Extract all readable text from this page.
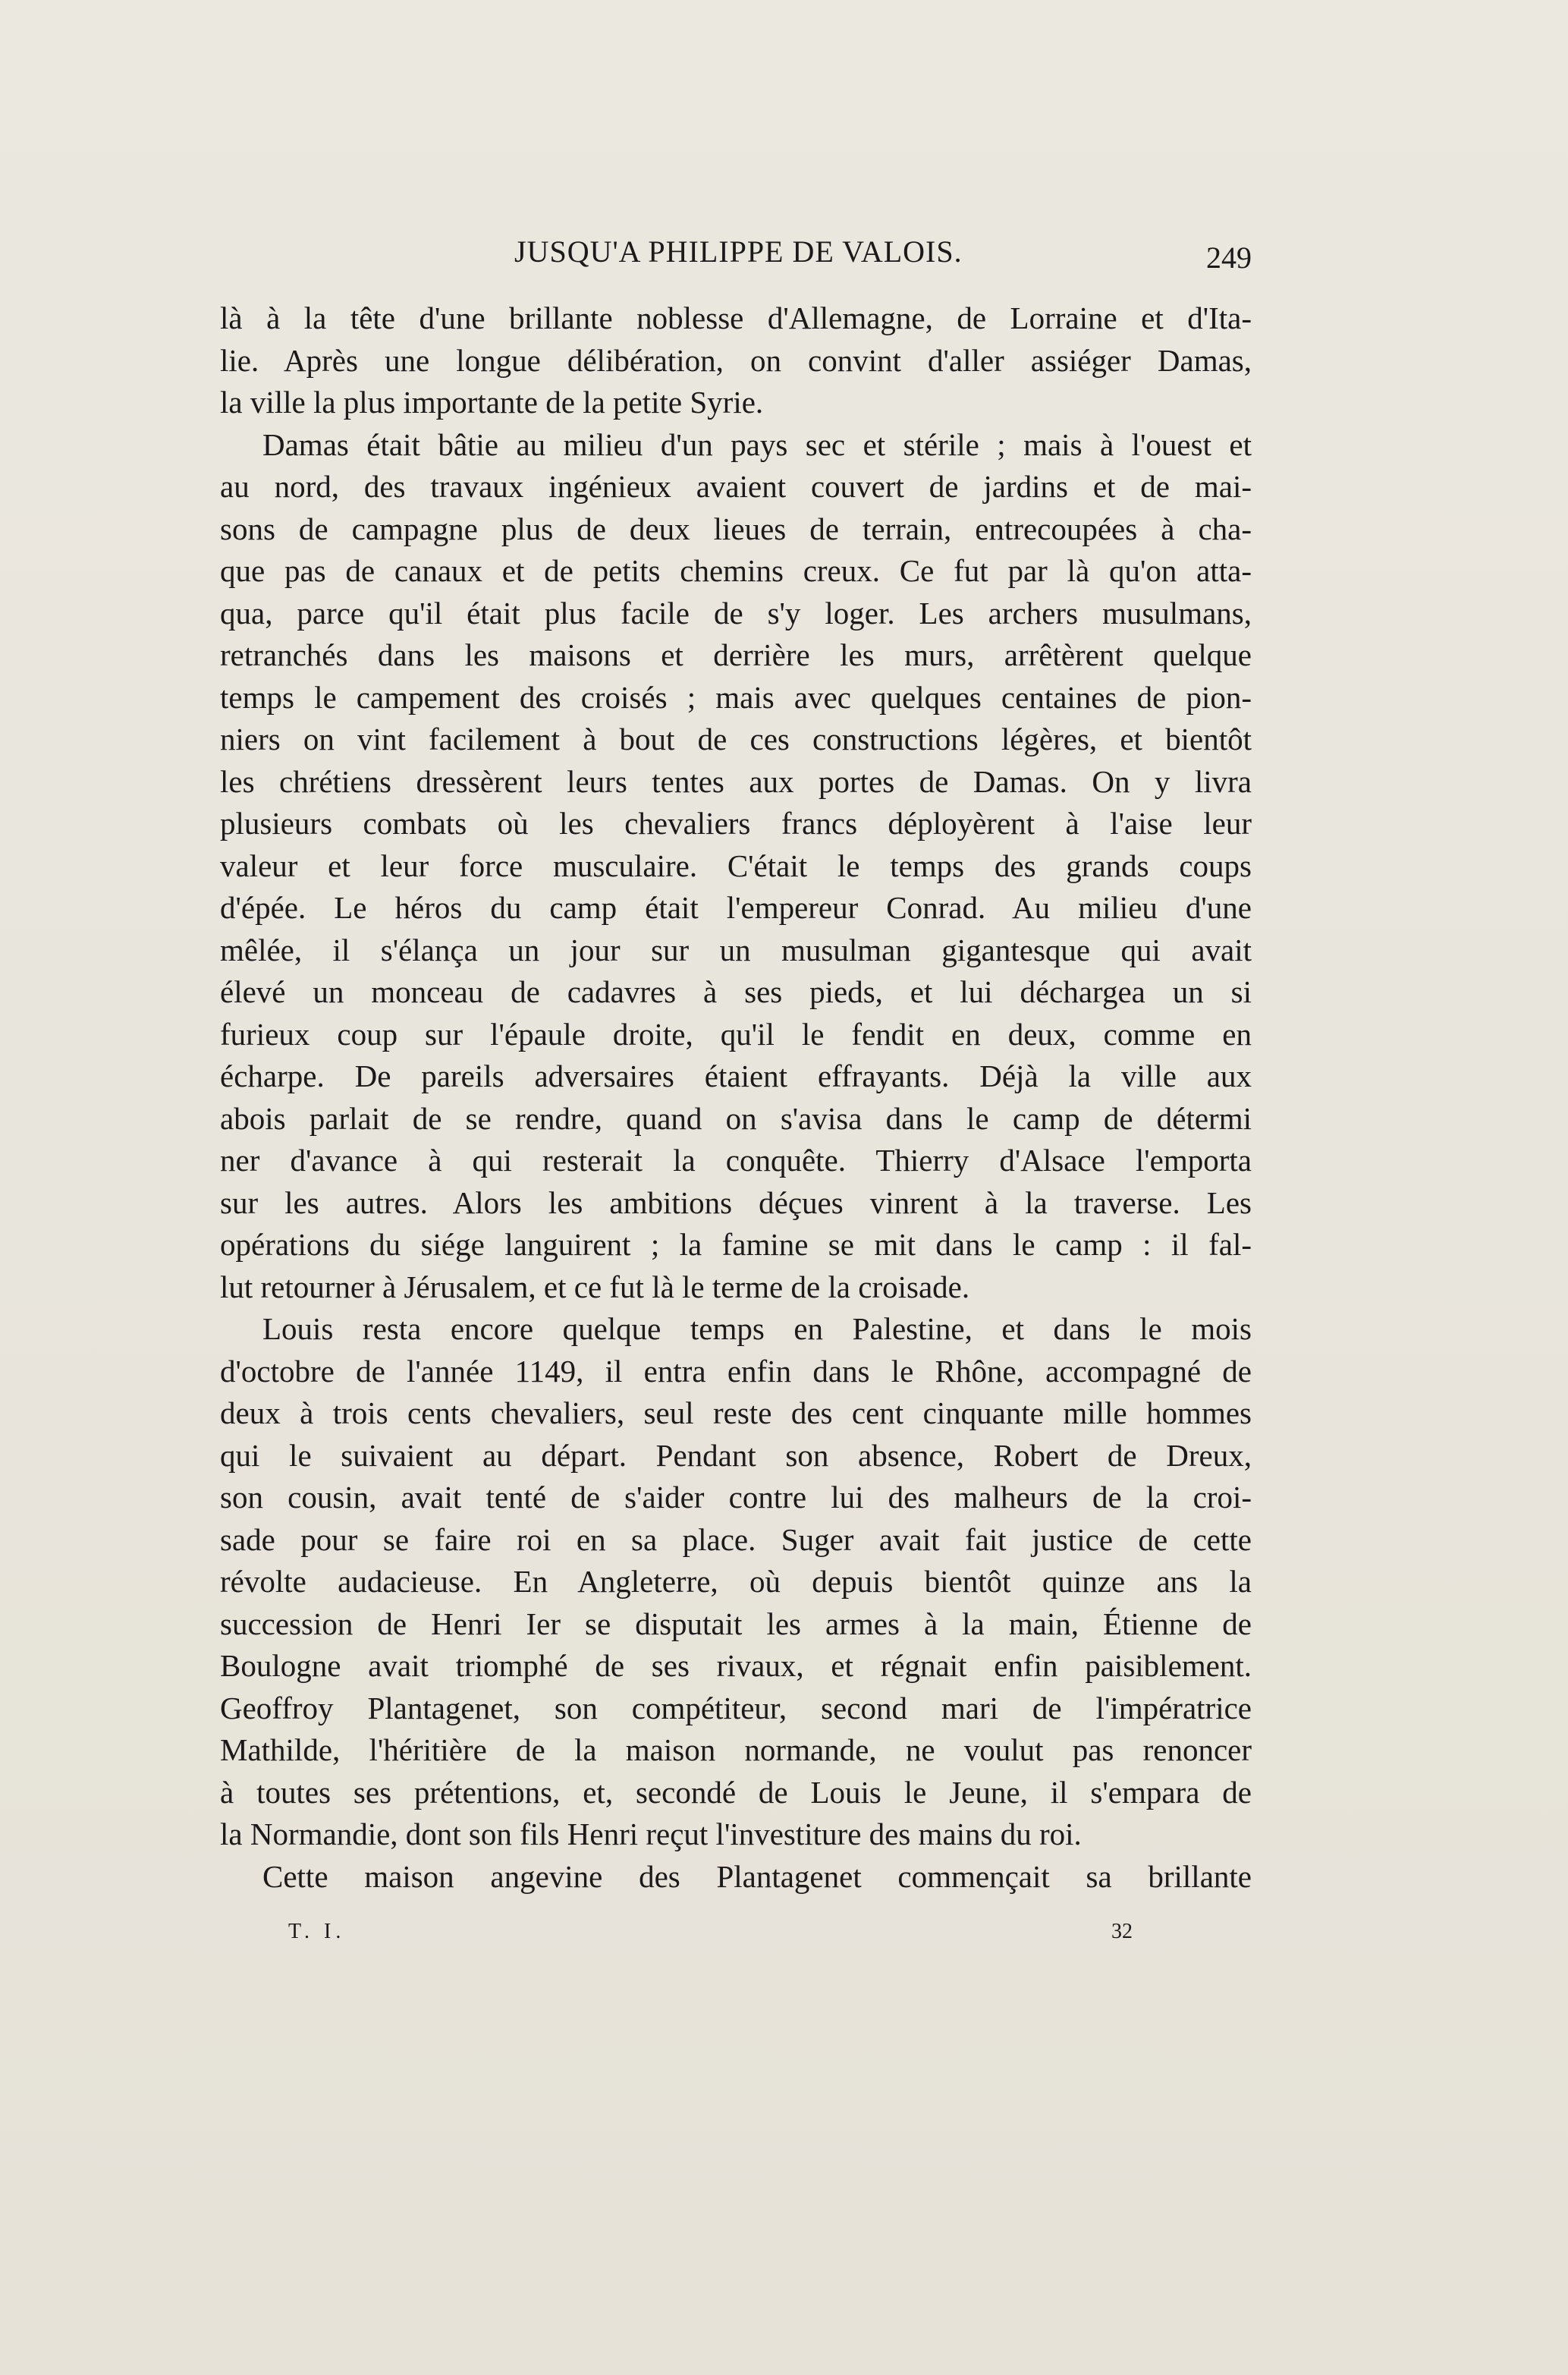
JUSQU'A PHILIPPE DE VALOIS.	249
là à la tête d'une brillante noblesse d'Allemagne, de Lorraine et d'Ita-
lie. Après une longue délibération, on convint d'aller assiéger Damas,
la ville la plus importante de la petite Syrie.
Damas était bâtie au milieu d'un pays sec et stérile ; mais à l'ouest et
au nord, des travaux ingénieux avaient couvert de jardins et de mai-
sons de campagne plus de deux lieues de terrain, entrecoupées à cha-
que pas de canaux et de petits chemins creux. Ce fut par là qu'on atta-
qua, parce qu'il était plus facile de s'y loger. Les archers musulmans,
retranchés dans les maisons et derrière les murs, arrêtèrent quelque
temps le campement des croisés ; mais avec quelques centaines de pion-
niers on vint facilement à bout de ces constructions légères, et bientôt
les chrétiens dressèrent leurs tentes aux portes de Damas. On y livra
plusieurs combats où les chevaliers francs déployèrent à l'aise leur
valeur et leur force musculaire. C'était le temps des grands coups
d'épée. Le héros du camp était l'empereur Conrad. Au milieu d'une
mêlée, il s'élança un jour sur un musulman gigantesque qui avait
élevé un monceau de cadavres à ses pieds, et lui déchargea un si
furieux coup sur l'épaule droite, qu'il le fendit en deux, comme en
écharpe. De pareils adversaires étaient effrayants. Déjà la ville aux
abois parlait de se rendre, quand on s'avisa dans le camp de détermi
ner d'avance à qui resterait la conquête. Thierry d'Alsace l'emporta
sur les autres. Alors les ambitions déçues vinrent à la traverse. Les
opérations du siége languirent ; la famine se mit dans le camp : il fal-
lut retourner à Jérusalem, et ce fut là le terme de la croisade.
Louis resta encore quelque temps en Palestine, et dans le mois
d'octobre de l'année 1149, il entra enfin dans le Rhône, accompagné de
deux à trois cents chevaliers, seul reste des cent cinquante mille hommes
qui le suivaient au départ. Pendant son absence, Robert de Dreux,
son cousin, avait tenté de s'aider contre lui des malheurs de la croi-
sade pour se faire roi en sa place. Suger avait fait justice de cette
révolte audacieuse. En Angleterre, où depuis bientôt quinze ans la
succession de Henri Ier se disputait les armes à la main, Étienne de
Boulogne avait triomphé de ses rivaux, et régnait enfin paisiblement.
Geoffroy Plantagenet, son compétiteur, second mari de l'impératrice
Mathilde, l'héritière de la maison normande, ne voulut pas renoncer
à toutes ses prétentions, et, secondé de Louis le Jeune, il s'empara de
la Normandie, dont son fils Henri reçut l'investiture des mains du roi.
Cette maison angevine des Plantagenet commençait sa brillante
T. I.	32
